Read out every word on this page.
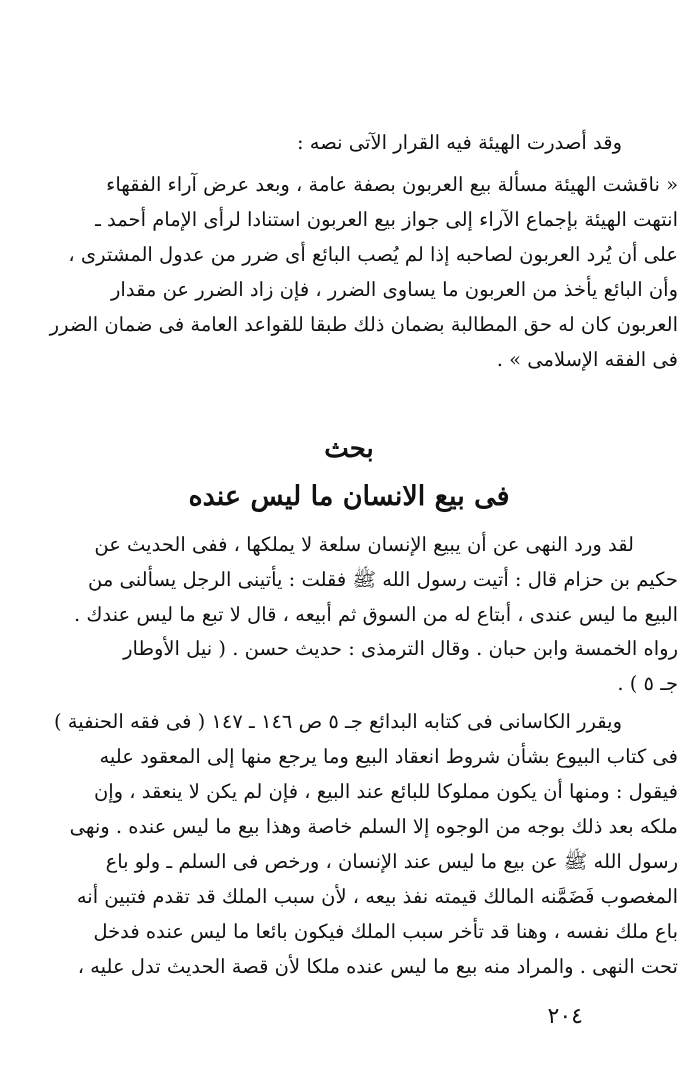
وقد أصدرت الهيئة فيه القرار الآتى نصه :
« ناقشت الهيئة مسألة بيع العربون بصفة عامة ، وبعد عرض آراء الفقهاء
انتهت الهيئة بإجماع الآراء إلى جواز بيع العربون استنادا لرأى الإمام أحمد ـ
على أن يُرد العربون لصاحبه إذا لم يُصب البائع أى ضرر من عدول المشترى ،
وأن البائع يأخذ من العربون ما يساوى الضرر ، فإن زاد الضرر عن مقدار
العربون كان له حق المطالبة بضمان ذلك طبقا للقواعد العامة فى ضمان الضرر
فى الفقه الإسلامى » .
بحث
فى بيع الانسان ما ليس عنده
لقد ورد النهى عن أن يبيع الإنسان سلعة لا يملكها ، ففى الحديث عن
حكيم بن حزام قال : أتيت رسول الله ﷺ فقلت : يأتينى الرجل يسألنى من
البيع ما ليس عندى ، أبتاع له من السوق ثم أبيعه ، قال لا تبع ما ليس عندك .
رواه الخمسة وابن حبان . وقال الترمذى : حديث حسن . ( نيل الأوطار
جـ ٥ ) .
ويقرر الكاسانى فى كتابه البدائع جـ ٥ ص ١٤٦ ـ ١٤٧ ( فى فقه الحنفية )
فى كتاب البيوع بشأن شروط انعقاد البيع وما يرجع منها إلى المعقود عليه
فيقول : ومنها أن يكون مملوكا للبائع عند البيع ، فإن لم يكن لا ينعقد ، وإن
ملكه بعد ذلك بوجه من الوجوه إلا السلم خاصة وهذا بيع ما ليس عنده . ونهى
رسول الله ﷺ عن بيع ما ليس عند الإنسان ، ورخص فى السلم ـ ولو باع
المغصوب فَضَمَّنه المالك قيمته نفذ بيعه ، لأن سبب الملك قد تقدم فتبين أنه
باع ملك نفسه ، وهنا قد تأخر سبب الملك فيكون بائعا ما ليس عنده فدخل
تحت النهى . والمراد منه بيع ما ليس عنده ملكا لأن قصة الحديث تدل عليه ،
٢٠٤
